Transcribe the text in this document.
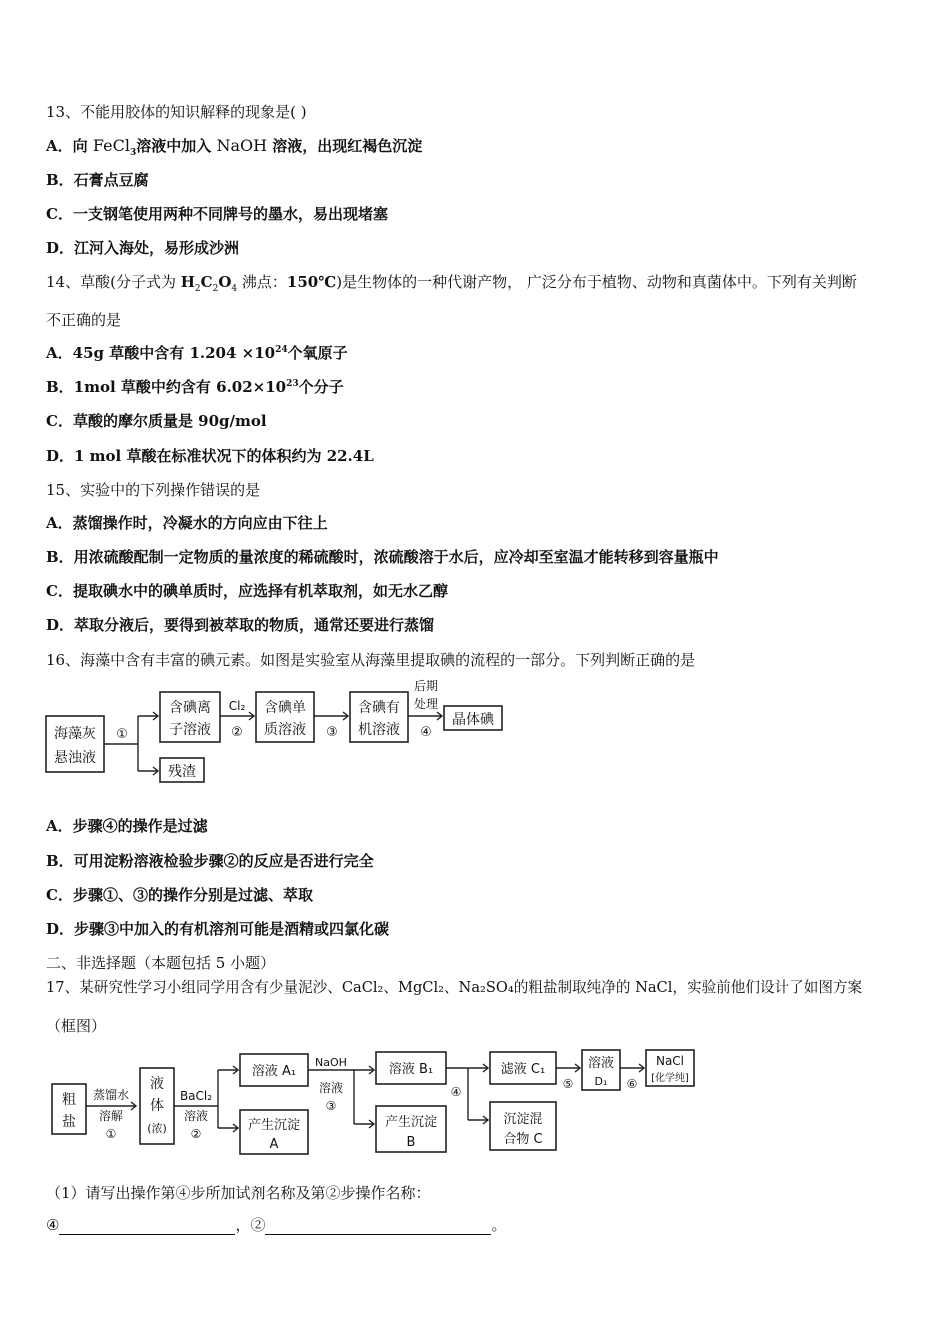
13、不能用胶体的知识解释的现象是( )
A．向 FeCl$_3$溶液中加入 NaOH 溶液，出现红褐色沉淀
B．石膏点豆腐
C．一支钢笔使用两种不同牌号的墨水，易出现堵塞
D．江河入海处，易形成沙洲
14、草酸(分子式为 $H_2C_2O_4$ 沸点：150℃)是生物体的一种代谢产物， 广泛分布于植物、动物和真菌体中。下列有关判断
不正确的是
A．45g 草酸中含有 $1.204 \times 10^{24}$个氧原子
B．1mol 草酸中约含有 $6.02\times 10^{23}$个分子
C．草酸的摩尔质量是 90g/mol
D．1 mol 草酸在标准状况下的体积约为 22.4L
15、实验中的下列操作错误的是
A．蒸馏操作时，冷凝水的方向应由下往上
B．用浓硫酸配制一定物质的量浓度的稀硫酸时，浓硫酸溶于水后，应冷却至室温才能转移到容量瓶中
C．提取碘水中的碘单质时，应选择有机萃取剂，如无水乙醇
D．萃取分液后，要得到被萃取的物质，通常还要进行蒸馏
16、海藻中含有丰富的碘元素。如图是实验室从海藻里提取碘的流程的一部分。下列判断正确的是
海藻灰
悬浊液
①
含碘离
子溶液
残渣
Cl₂
②
含碘单
质溶液 ③
含碘有
机溶液
后期
处理
④
晶体碘
A．步骤④的操作是过滤
B．可用淀粉溶液检验步骤②的反应是否进行完全
C．步骤①、③的操作分别是过滤、萃取
D．步骤③中加入的有机溶剂可能是酒精或四氯化碳
二、非选择题（本题包括 5 小题）
17、某研究性学习小组同学用含有少量泥沙、CaCl₂、MgCl₂、Na₂SO₄的粗盐制取纯净的 NaCl，实验前他们设计了如图方案
（框图）
粗
盐
蒸馏水
溶解
①
液
体
(浓)
BaCl₂
溶液
②
溶液 A₁
产生沉淀
A
NaOH
溶液
③
溶液 B₁
产生沉淀
B
④
滤液 C₁
沉淀混
合物 C
⑤
溶液
D₁ ⑥
NaCl
[化学纯]
（1）请写出操作第④步所加试剂名称及第②步操作名称：
④	，②	。
